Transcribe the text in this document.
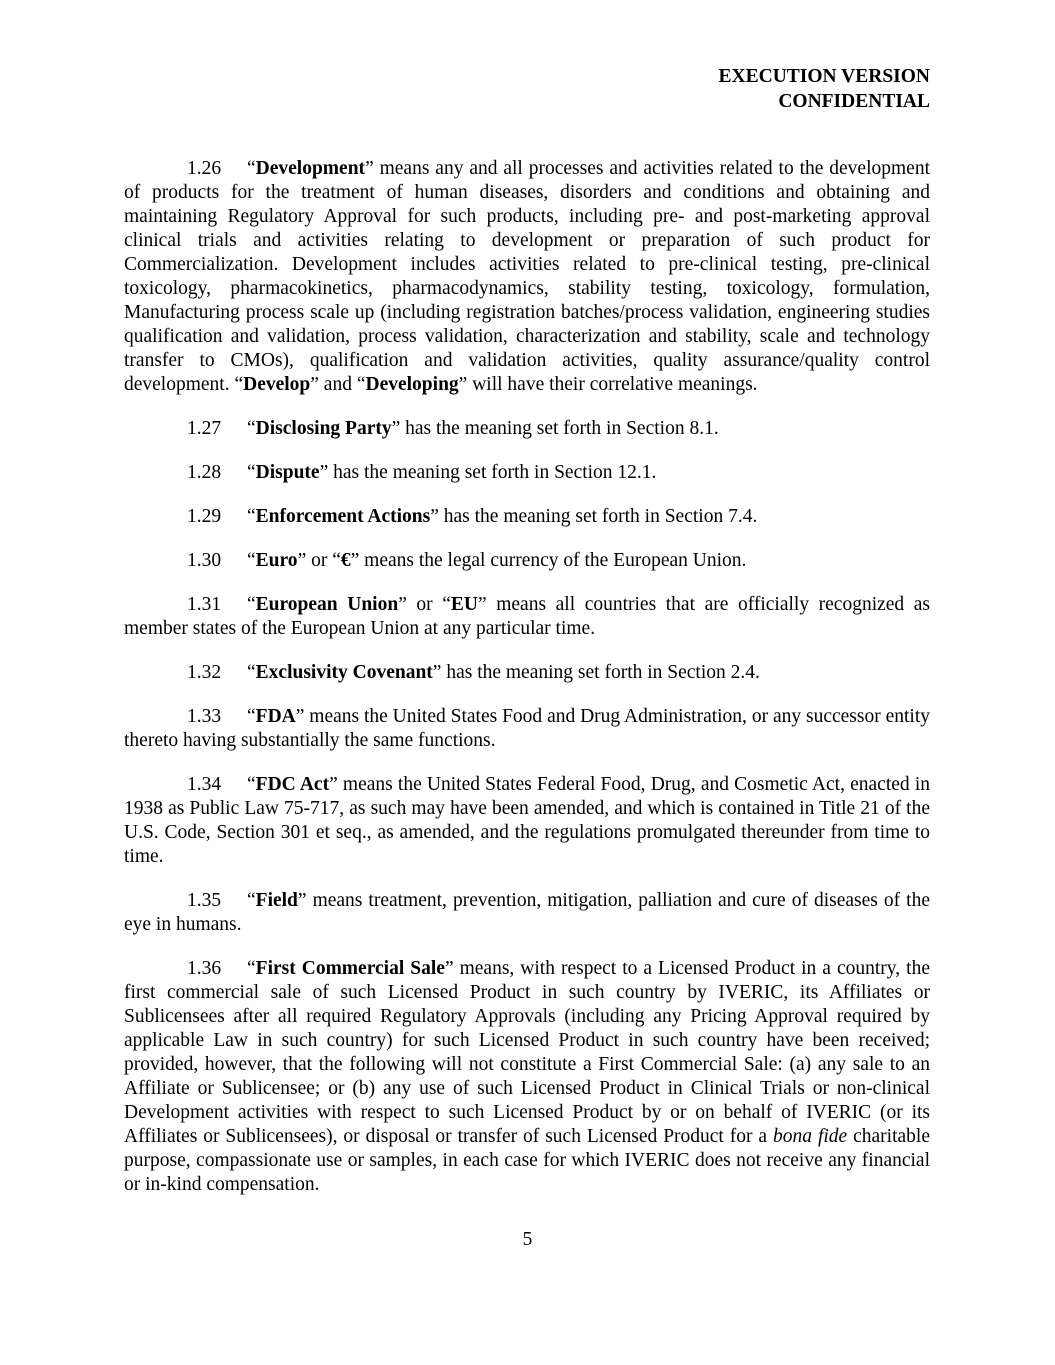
EXECUTION VERSION
CONFIDENTIAL

1.26 “Development” means any and all processes and activities related to the development of products for the treatment of human diseases, disorders and conditions and obtaining and maintaining Regulatory Approval for such products, including pre- and post-marketing approval clinical trials and activities relating to development or preparation of such product for Commercialization. Development includes activities related to pre-clinical testing, pre-clinical toxicology, pharmacokinetics, pharmacodynamics, stability testing, toxicology, formulation, Manufacturing process scale up (including registration batches/process validation, engineering studies qualification and validation, process validation, characterization and stability, scale and technology transfer to CMOs), qualification and validation activities, quality assurance/quality control development. “Develop” and “Developing” will have their correlative meanings.

1.27 “Disclosing Party” has the meaning set forth in Section 8.1.

1.28 “Dispute” has the meaning set forth in Section 12.1.

1.29 “Enforcement Actions” has the meaning set forth in Section 7.4.

1.30 “Euro” or “€” means the legal currency of the European Union.

1.31 “European Union” or “EU” means all countries that are officially recognized as member states of the European Union at any particular time.

1.32 “Exclusivity Covenant” has the meaning set forth in Section 2.4.

1.33 “FDA” means the United States Food and Drug Administration, or any successor entity thereto having substantially the same functions.

1.34 “FDC Act” means the United States Federal Food, Drug, and Cosmetic Act, enacted in 1938 as Public Law 75-717, as such may have been amended, and which is contained in Title 21 of the U.S. Code, Section 301 et seq., as amended, and the regulations promulgated thereunder from time to time.

1.35 “Field” means treatment, prevention, mitigation, palliation and cure of diseases of the eye in humans.

1.36 “First Commercial Sale” means, with respect to a Licensed Product in a country, the first commercial sale of such Licensed Product in such country by IVERIC, its Affiliates or Sublicensees after all required Regulatory Approvals (including any Pricing Approval required by applicable Law in such country) for such Licensed Product in such country have been received; provided, however, that the following will not constitute a First Commercial Sale: (a) any sale to an Affiliate or Sublicensee; or (b) any use of such Licensed Product in Clinical Trials or non-clinical Development activities with respect to such Licensed Product by or on behalf of IVERIC (or its Affiliates or Sublicensees), or disposal or transfer of such Licensed Product for a bona fide charitable purpose, compassionate use or samples, in each case for which IVERIC does not receive any financial or in-kind compensation.

5
